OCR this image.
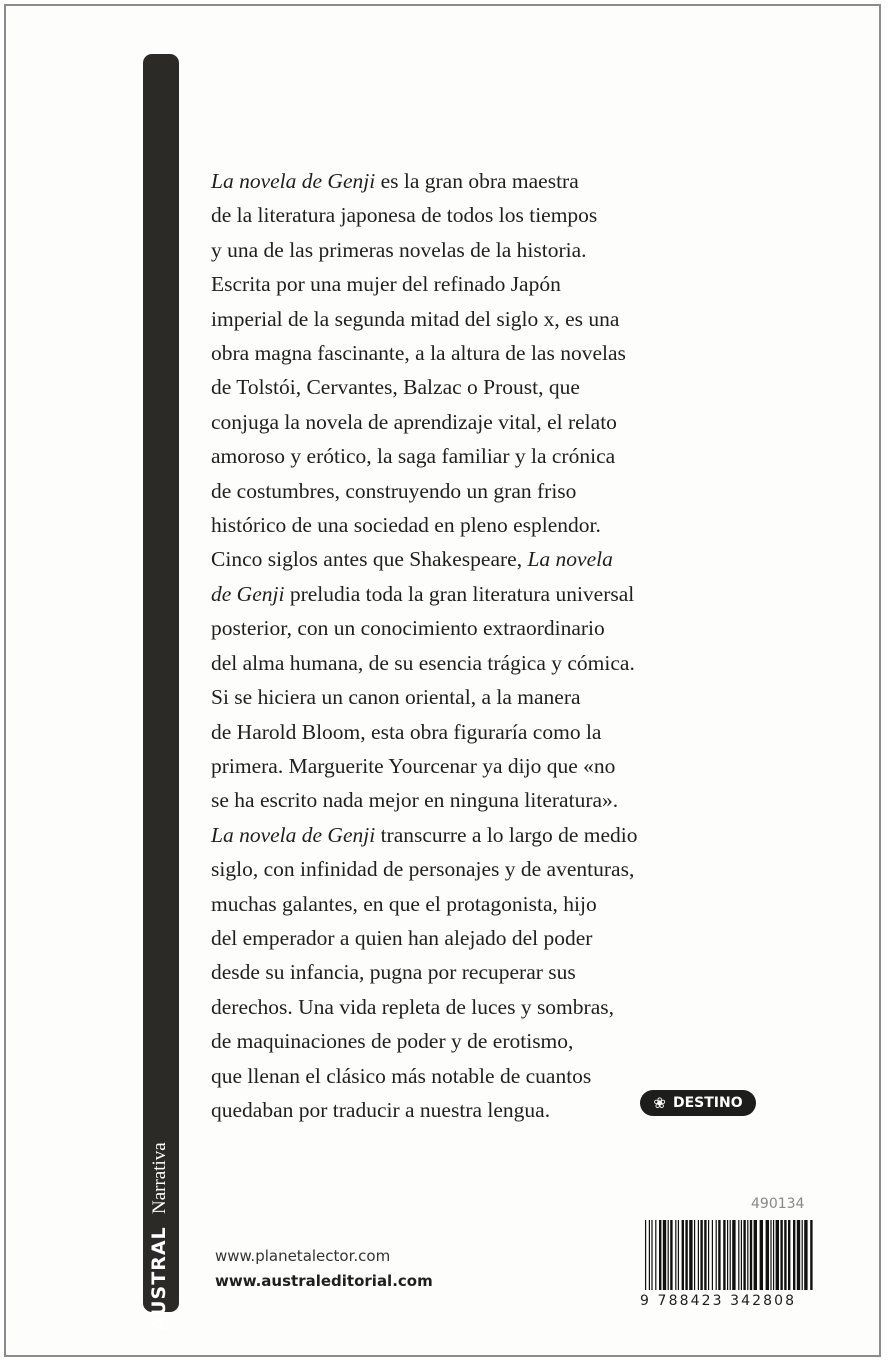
Narrativa
AUSTRAL
La novela de Genji es la gran obra maestra
de la literatura japonesa de todos los tiempos
y una de las primeras novelas de la historia.
Escrita por una mujer del refinado Japón
imperial de la segunda mitad del siglo x, es una
obra magna fascinante, a la altura de las novelas
de Tolstói, Cervantes, Balzac o Proust, que
conjuga la novela de aprendizaje vital, el relato
amoroso y erótico, la saga familiar y la crónica
de costumbres, construyendo un gran friso
histórico de una sociedad en pleno esplendor.
Cinco siglos antes que Shakespeare, La novela
de Genji preludia toda la gran literatura universal
posterior, con un conocimiento extraordinario
del alma humana, de su esencia trágica y cómica.
Si se hiciera un canon oriental, a la manera
de Harold Bloom, esta obra figuraría como la
primera. Marguerite Yourcenar ya dijo que «no
se ha escrito nada mejor en ninguna literatura».
La novela de Genji transcurre a lo largo de medio
siglo, con infinidad de personajes y de aventuras,
muchas galantes, en que el protagonista, hijo
del emperador a quien han alejado del poder
desde su infancia, pugna por recuperar sus
derechos. Una vida repleta de luces y sombras,
de maquinaciones de poder y de erotismo,
que llenan el clásico más notable de cuantos
quedaban por traducir a nuestra lengua.	❀ DESTINO
490134
9 788423 342808
www.planetalector.com
www.australeditorial.com
